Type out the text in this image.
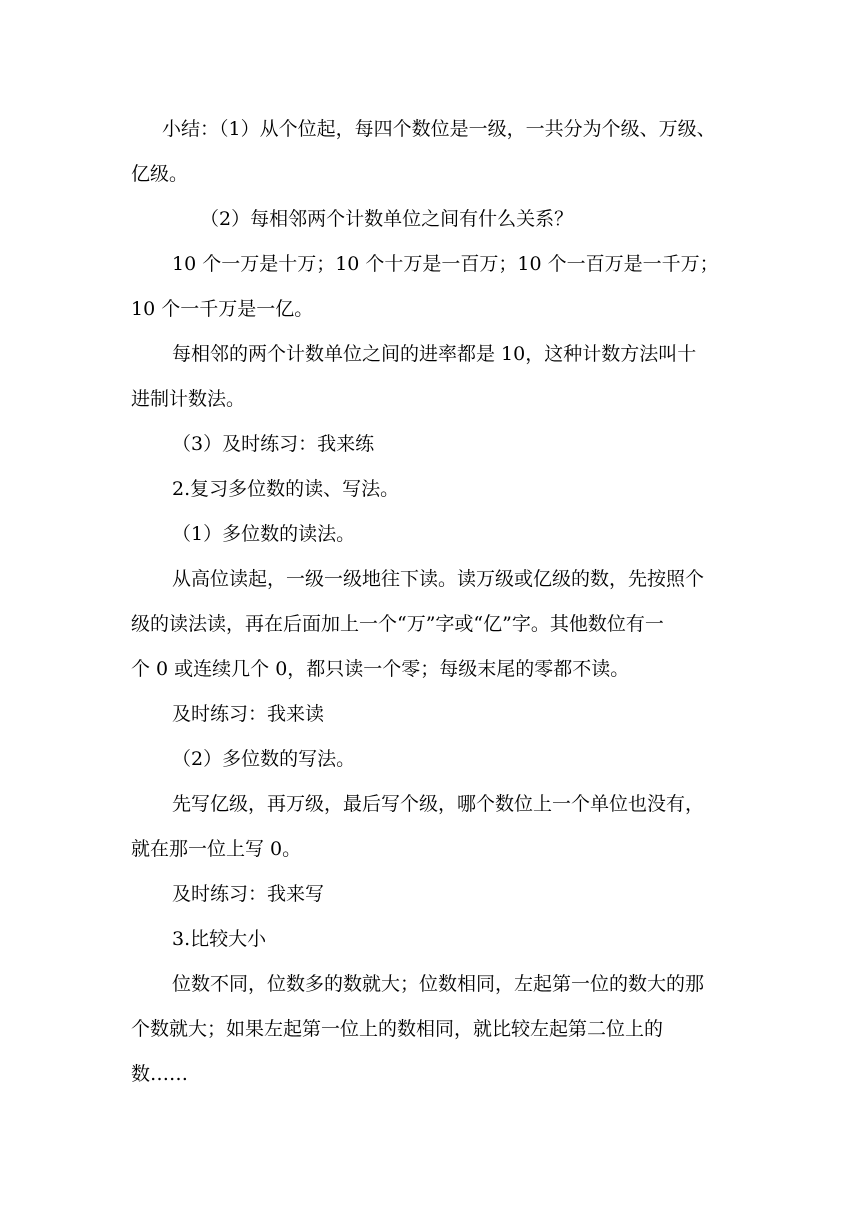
小结：（1）从个位起，每四个数位是一级，一共分为个级、万级、
亿级。
（2）每相邻两个计数单位之间有什么关系？
10 个一万是十万；10 个十万是一百万；10 个一百万是一千万；
10 个一千万是一亿。
每相邻的两个计数单位之间的进率都是 10，这种计数方法叫十
进制计数法。
（3）及时练习：我来练
2.复习多位数的读、写法。
（1）多位数的读法。
从高位读起，一级一级地往下读。读万级或亿级的数，先按照个
级的读法读，再在后面加上一个“万”字或“亿”字。其他数位有一
个 0 或连续几个 0，都只读一个零；每级末尾的零都不读。
及时练习：我来读
（2）多位数的写法。
先写亿级，再万级，最后写个级，哪个数位上一个单位也没有，
就在那一位上写 0。
及时练习：我来写
3.比较大小
位数不同，位数多的数就大；位数相同，左起第一位的数大的那
个数就大；如果左起第一位上的数相同，就比较左起第二位上的
数……
